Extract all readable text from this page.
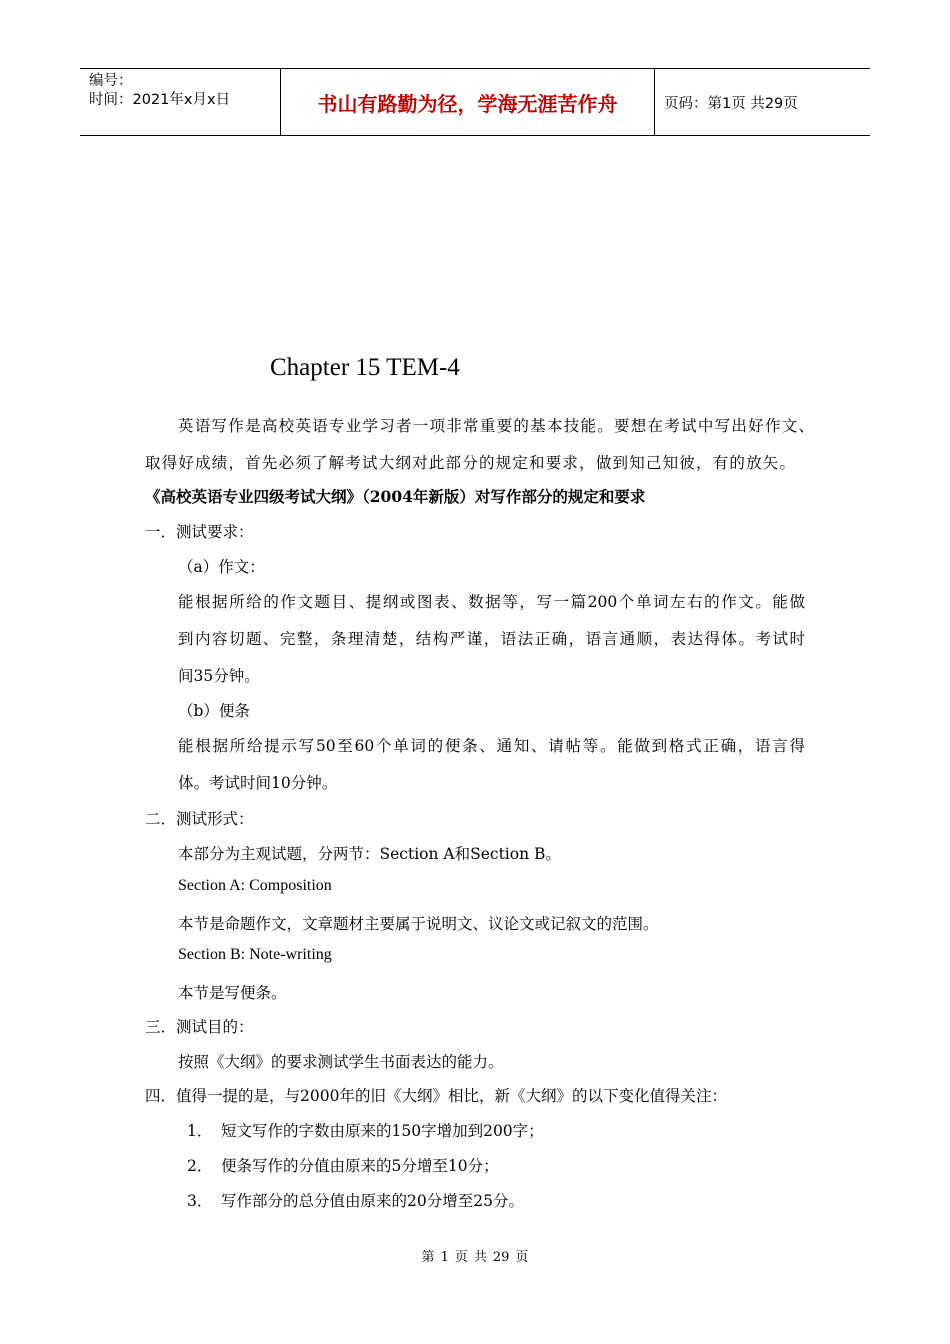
编号：
时间：2021年x月x日	书山有路勤为径，学海无涯苦作舟	页码：第1页 共29页
Chapter 15 TEM-4
英语写作是高校英语专业学习者一项非常重要的基本技能。要想在考试中写出好作文、
取得好成绩，首先必须了解考试大纲对此部分的规定和要求，做到知己知彼，有的放矢。
《高校英语专业四级考试大纲》（2004年新版）对写作部分的规定和要求
一．测试要求：
（a）作文：
能根据所给的作文题目、提纲或图表、数据等，写一篇200个单词左右的作文。能做
到内容切题、完整，条理清楚，结构严谨，语法正确，语言通顺，表达得体。考试时
间35分钟。
（b）便条
能根据所给提示写50至60个单词的便条、通知、请帖等。能做到格式正确，语言得
体。考试时间10分钟。
二．测试形式：
本部分为主观试题，分两节：Section A和Section B。
Section A: Composition
本节是命题作文，文章题材主要属于说明文、议论文或记叙文的范围。
Section B: Note-writing
本节是写便条。
三．测试目的：
按照《大纲》的要求测试学生书面表达的能力。
四．值得一提的是，与2000年的旧《大纲》相比，新《大纲》的以下变化值得关注：
1． 短文写作的字数由原来的150字增加到200字；
2． 便条写作的分值由原来的5分增至10分；
3． 写作部分的总分值由原来的20分增至25分。
第 1 页 共 29 页
